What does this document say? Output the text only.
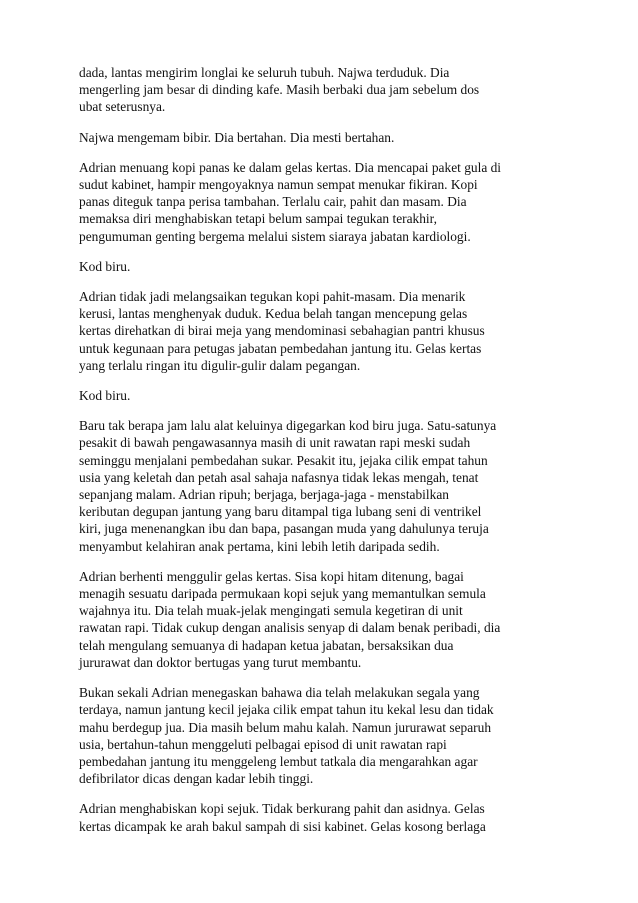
dada, lantas mengirim longlai ke seluruh tubuh. Najwa terduduk. Dia
mengerling jam besar di dinding kafe. Masih berbaki dua jam sebelum dos
ubat seterusnya.

Najwa mengemam bibir. Dia bertahan. Dia mesti bertahan.

Adrian menuang kopi panas ke dalam gelas kertas. Dia mencapai paket gula di
sudut kabinet, hampir mengoyaknya namun sempat menukar fikiran. Kopi
panas diteguk tanpa perisa tambahan. Terlalu cair, pahit dan masam. Dia
memaksa diri menghabiskan tetapi belum sampai tegukan terakhir,
pengumuman genting bergema melalui sistem siaraya jabatan kardiologi.

Kod biru.

Adrian tidak jadi melangsaikan tegukan kopi pahit-masam. Dia menarik
kerusi, lantas menghenyak duduk. Kedua belah tangan mencepung gelas
kertas direhatkan di birai meja yang mendominasi sebahagian pantri khusus
untuk kegunaan para petugas jabatan pembedahan jantung itu. Gelas kertas
yang terlalu ringan itu digulir-gulir dalam pegangan.

Kod biru.

Baru tak berapa jam lalu alat keluinya digegarkan kod biru juga. Satu-satunya
pesakit di bawah pengawasannya masih di unit rawatan rapi meski sudah
seminggu menjalani pembedahan sukar. Pesakit itu, jejaka cilik empat tahun
usia yang keletah dan petah asal sahaja nafasnya tidak lekas mengah, tenat
sepanjang malam. Adrian ripuh; berjaga, berjaga-jaga - menstabilkan
keributan degupan jantung yang baru ditampal tiga lubang seni di ventrikel
kiri, juga menenangkan ibu dan bapa, pasangan muda yang dahulunya teruja
menyambut kelahiran anak pertama, kini lebih letih daripada sedih.

Adrian berhenti menggulir gelas kertas. Sisa kopi hitam ditenung, bagai
menagih sesuatu daripada permukaan kopi sejuk yang memantulkan semula
wajahnya itu. Dia telah muak-jelak mengingati semula kegetiran di unit
rawatan rapi. Tidak cukup dengan analisis senyap di dalam benak peribadi, dia
telah mengulang semuanya di hadapan ketua jabatan, bersaksikan dua
jururawat dan doktor bertugas yang turut membantu.

Bukan sekali Adrian menegaskan bahawa dia telah melakukan segala yang
terdaya, namun jantung kecil jejaka cilik empat tahun itu kekal lesu dan tidak
mahu berdegup jua. Dia masih belum mahu kalah. Namun jururawat separuh
usia, bertahun-tahun menggeluti pelbagai episod di unit rawatan rapi
pembedahan jantung itu menggeleng lembut tatkala dia mengarahkan agar
defibrilator dicas dengan kadar lebih tinggi.

Adrian menghabiskan kopi sejuk. Tidak berkurang pahit dan asidnya. Gelas
kertas dicampak ke arah bakul sampah di sisi kabinet. Gelas kosong berlaga
